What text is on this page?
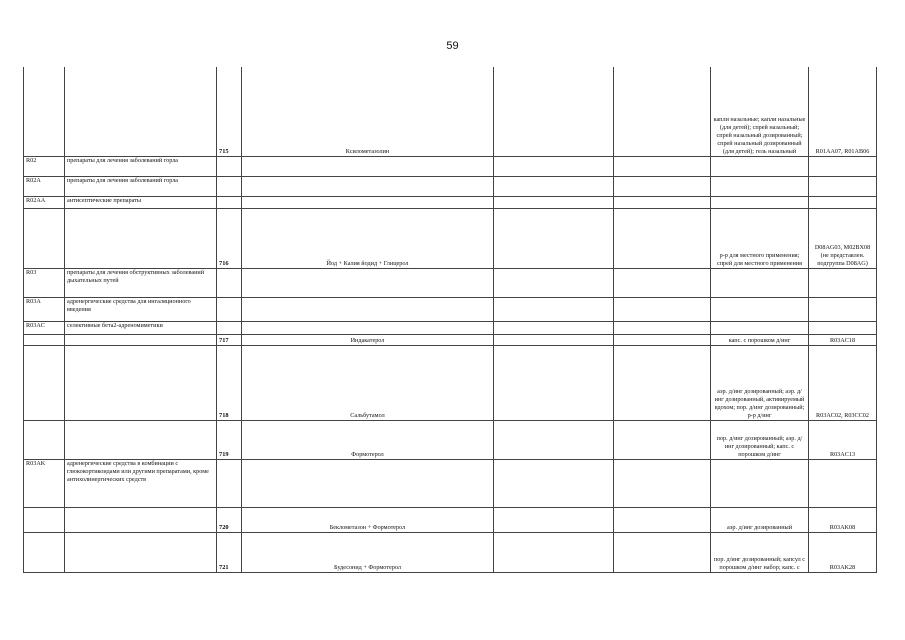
59
		715	Ксилометазолин			капли назальные; капли назальные (для детей); спрей назальный; спрей назальный дозированный; спрей назальный дозированный (для детей); гель назальный	R01AA07, R01AB06
R02	препараты для лечения заболеваний горла						
R02A	препараты для лечения заболеваний горла						
R02AA	антисептические препараты						
		716	Йод + Калия йодид + Глицерол			р-р для местного применения; спрей для местного применения	D08AG03, M02BX08 (не представлен. подгруппа D08AG)
R03	препараты для лечения обструктивных заболеваний дыхательных путей						
R03A	адренергические средства для ингаляционного введения						
R03AC	селективные бета2-адреномиметики						
		717	Индакатерол			капс. с порошком д/инг	R03AC18
		718	Сальбутамол			аэр. д/инг дозированный; аэр. д/инг дозированный, активируемый вдохом; пор. д/инг дозированный; р-р д/инг	R03AC02, R03CC02
		719	Формотерол			пор. д/инг дозированный; аэр. д/инг дозированный; капс. с порошком д/инг	R03AC13
R03AK	адренергические средства в комбинации с глюкокортикоидами или другими препаратами, кроме антихолинергических средств						
		720	Беклометазон + Формотерол			аэр. д/инг дозированный	R03AK08
		721	Будесонид + Формотерол			пор. д/инг дозированный; капсул с порошком д/инг набор; капс. с	R03AK28
